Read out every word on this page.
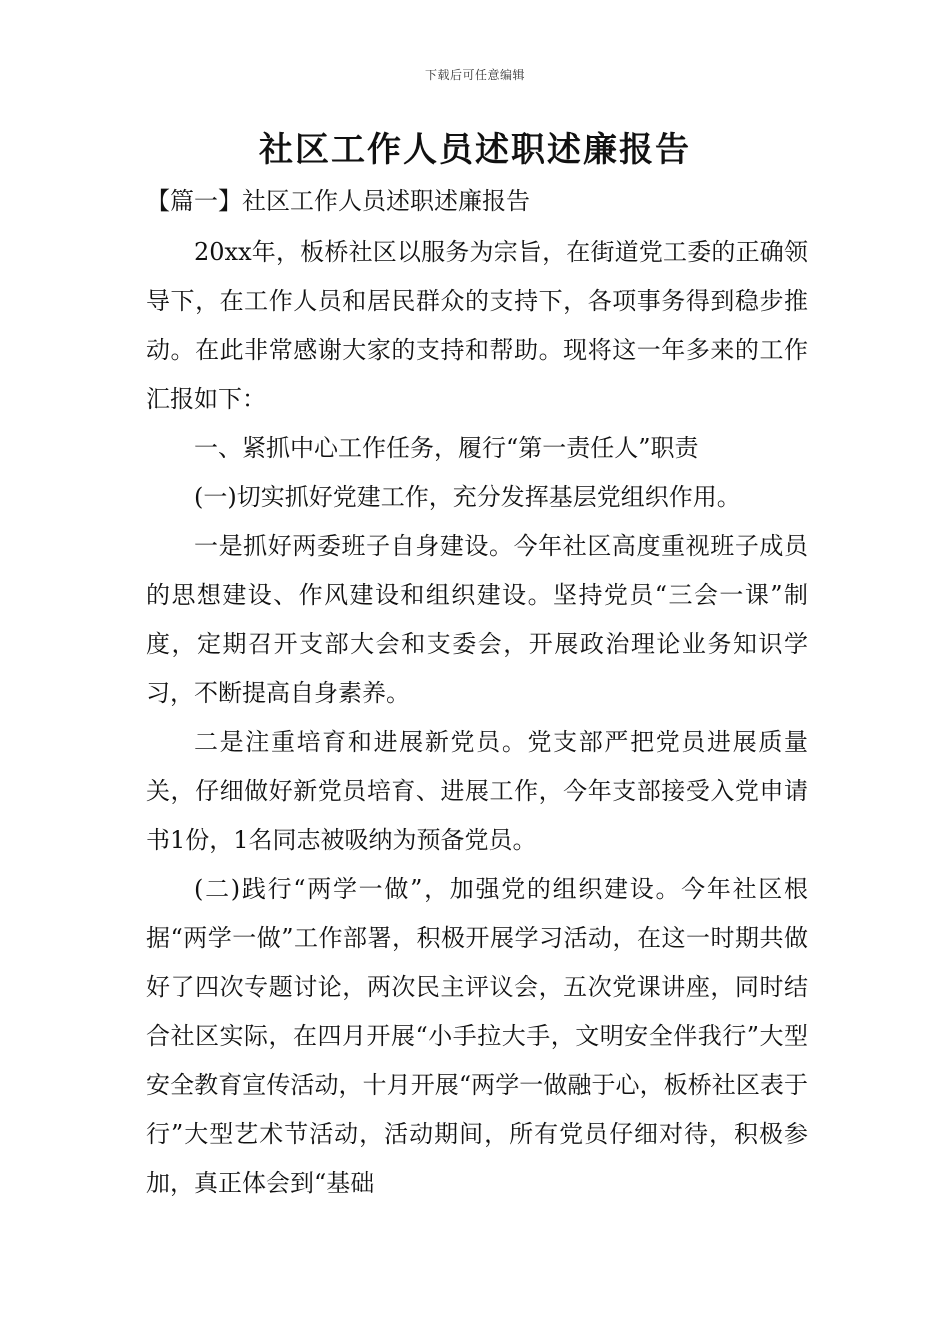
下载后可任意编辑
社区工作人员述职述廉报告
【篇一】社区工作人员述职述廉报告

20xx年，板桥社区以服务为宗旨，在街道党工委的正确领导下，在工作人员和居民群众的支持下，各项事务得到稳步推动。在此非常感谢大家的支持和帮助。现将这一年多来的工作汇报如下：

一、紧抓中心工作任务，履行“第一责任人”职责

(一)切实抓好党建工作，充分发挥基层党组织作用。

一是抓好两委班子自身建设。今年社区高度重视班子成员的思想建设、作风建设和组织建设。坚持党员“三会一课”制度，定期召开支部大会和支委会，开展政治理论业务知识学习，不断提高自身素养。

二是注重培育和进展新党员。党支部严把党员进展质量关，仔细做好新党员培育、进展工作，今年支部接受入党申请书1份，1名同志被吸纳为预备党员。

(二)践行“两学一做”，加强党的组织建设。今年社区根据“两学一做”工作部署，积极开展学习活动，在这一时期共做好了四次专题讨论，两次民主评议会，五次党课讲座，同时结合社区实际，在四月开展“小手拉大手，文明安全伴我行”大型安全教育宣传活动，十月开展“两学一做融于心，板桥社区表于行”大型艺术节活动，活动期间，所有党员仔细对待，积极参加，真正体会到“基础
